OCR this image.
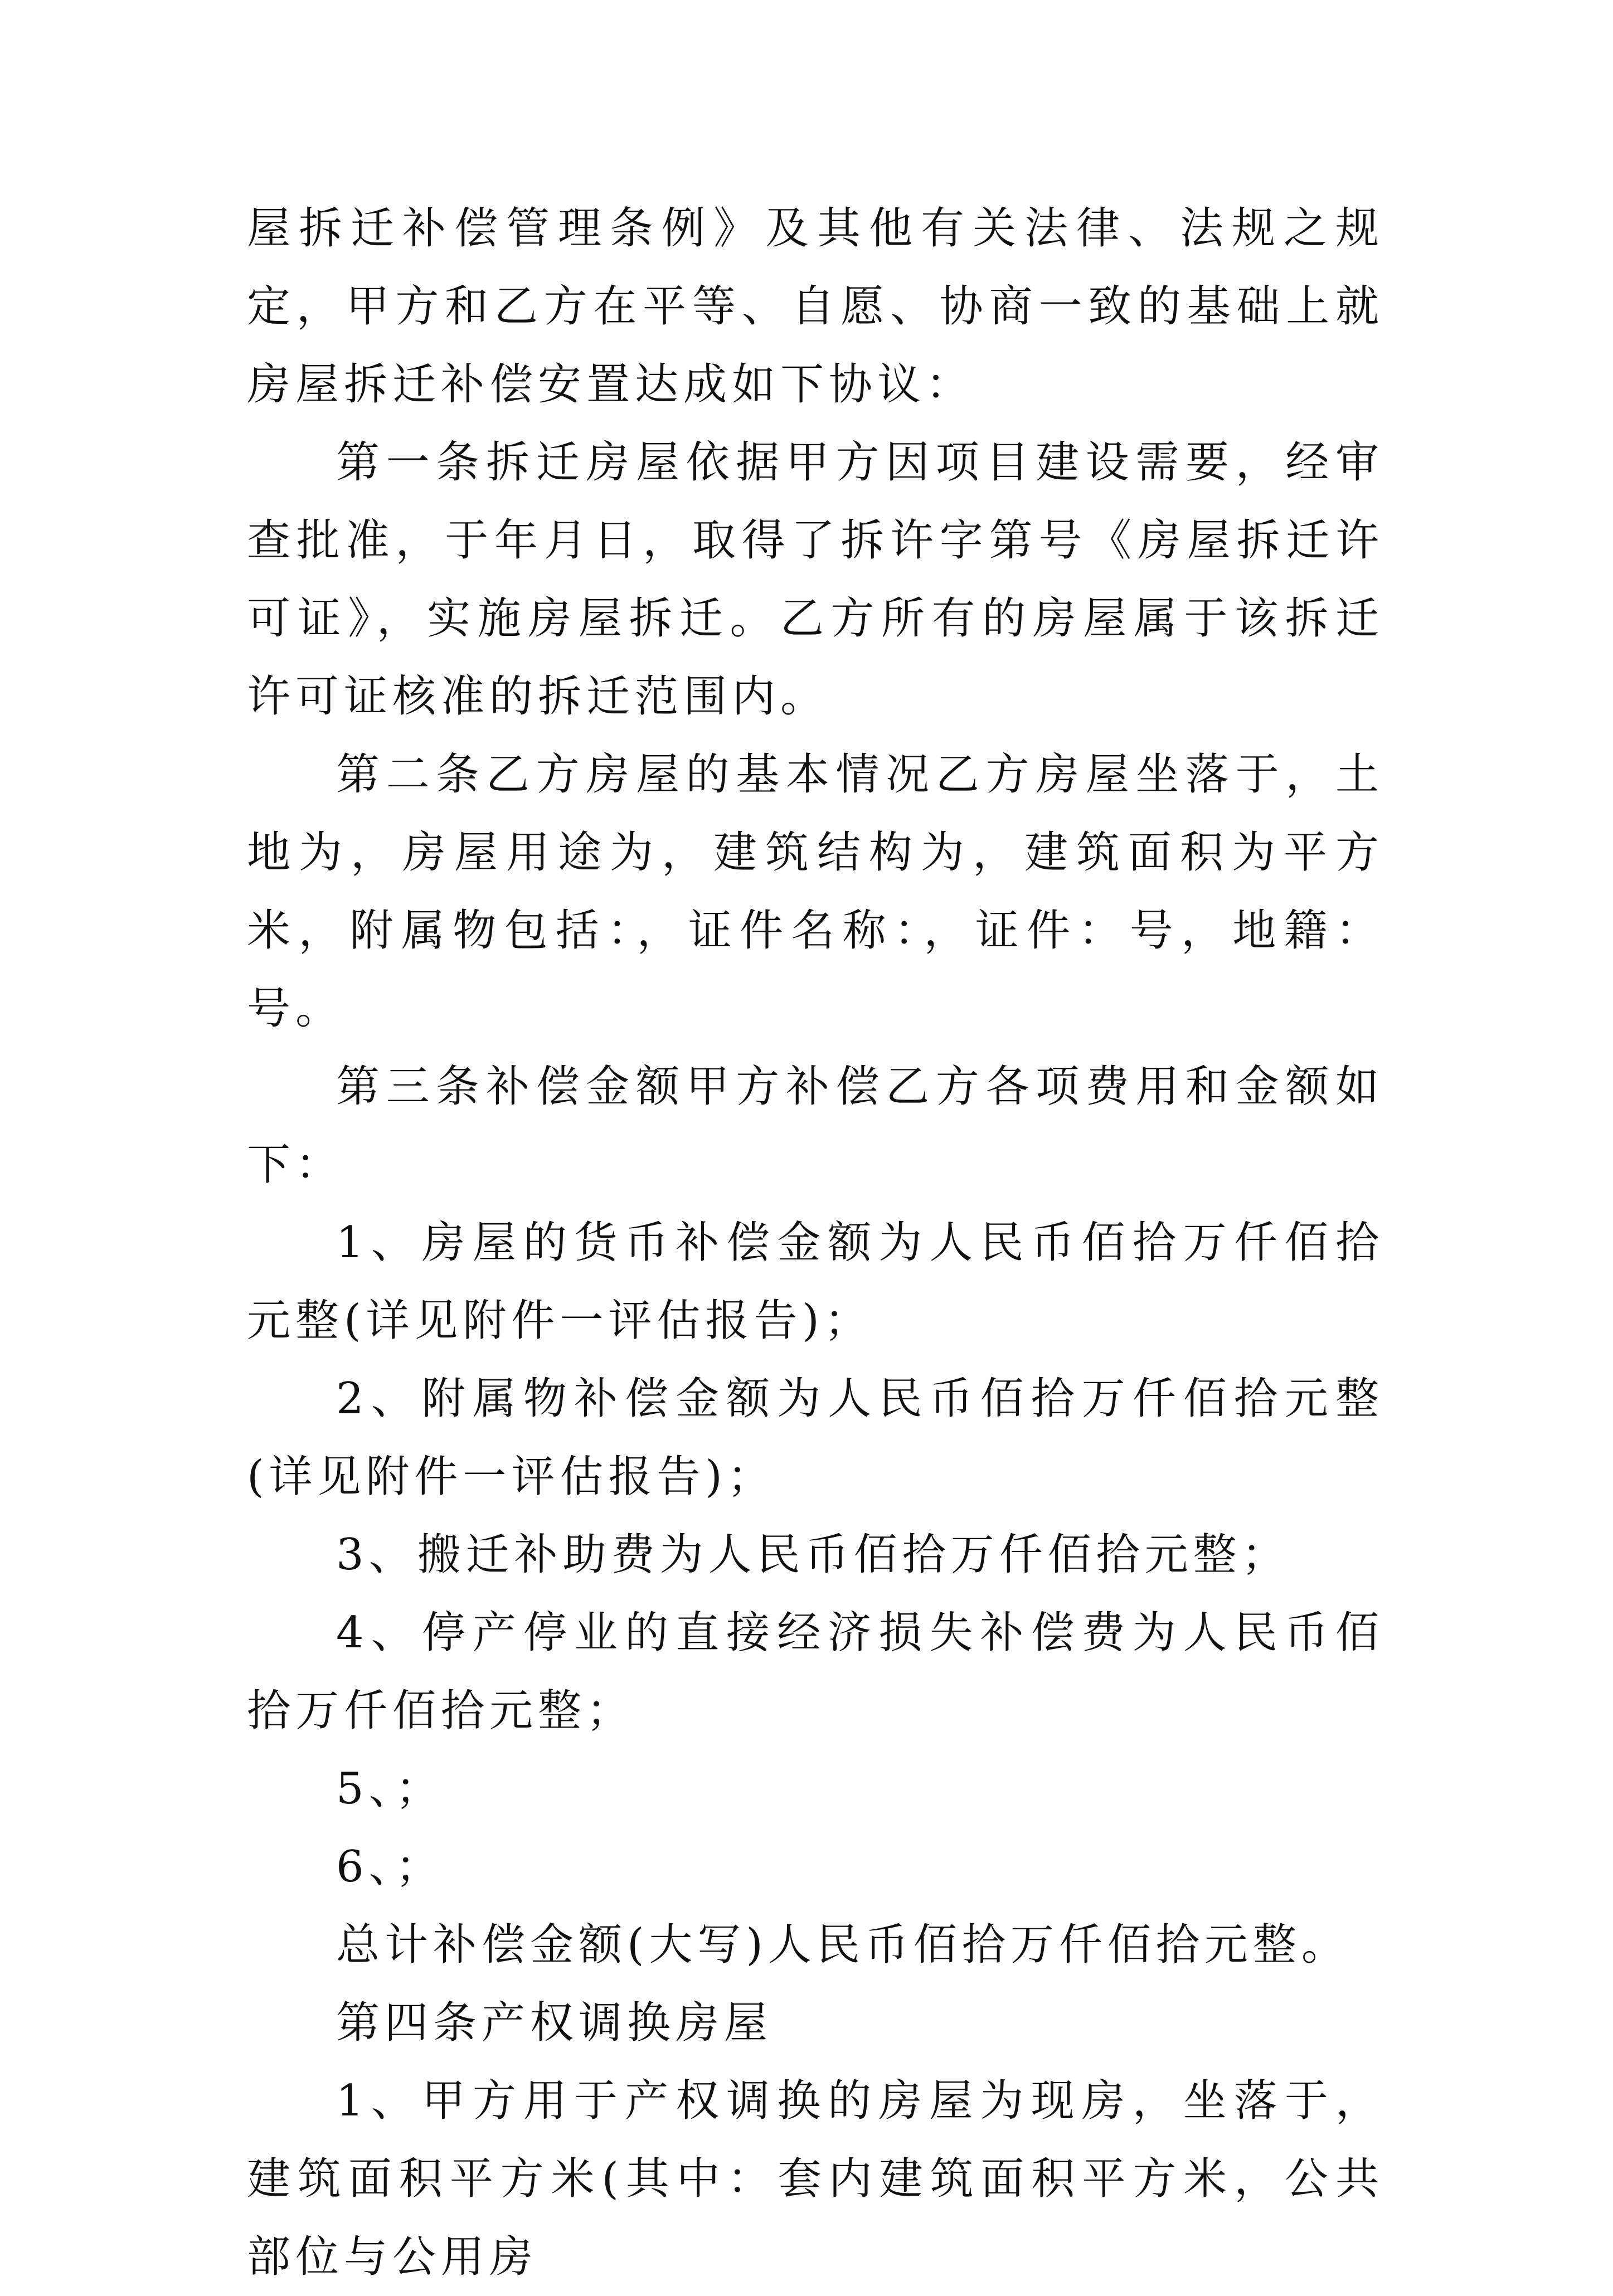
屋拆迁补偿管理条例》及其他有关法律、法规之规定，甲方和乙方在平等、自愿、协商一致的基础上就房屋拆迁补偿安置达成如下协议：

第一条拆迁房屋依据甲方因项目建设需要，经审查批准，于年月日，取得了拆许字第号《房屋拆迁许可证》，实施房屋拆迁。乙方所有的房屋属于该拆迁许可证核准的拆迁范围内。

第二条乙方房屋的基本情况乙方房屋坐落于，土地为，房屋用途为，建筑结构为，建筑面积为平方米，附属物包括：，证件名称：，证件：号，地籍：号。

第三条补偿金额甲方补偿乙方各项费用和金额如下：

1、房屋的货币补偿金额为人民币佰拾万仟佰拾元整(详见附件一评估报告)；

2、附属物补偿金额为人民币佰拾万仟佰拾元整(详见附件一评估报告)；

3、搬迁补助费为人民币佰拾万仟佰拾元整；

4、停产停业的直接经济损失补偿费为人民币佰拾万仟佰拾元整；

5、；

6、；

总计补偿金额(大写)人民币佰拾万仟佰拾元整。

第四条产权调换房屋

1、甲方用于产权调换的房屋为现房，坐落于，建筑面积平方米(其中：套内建筑面积平方米，公共部位与公用房
